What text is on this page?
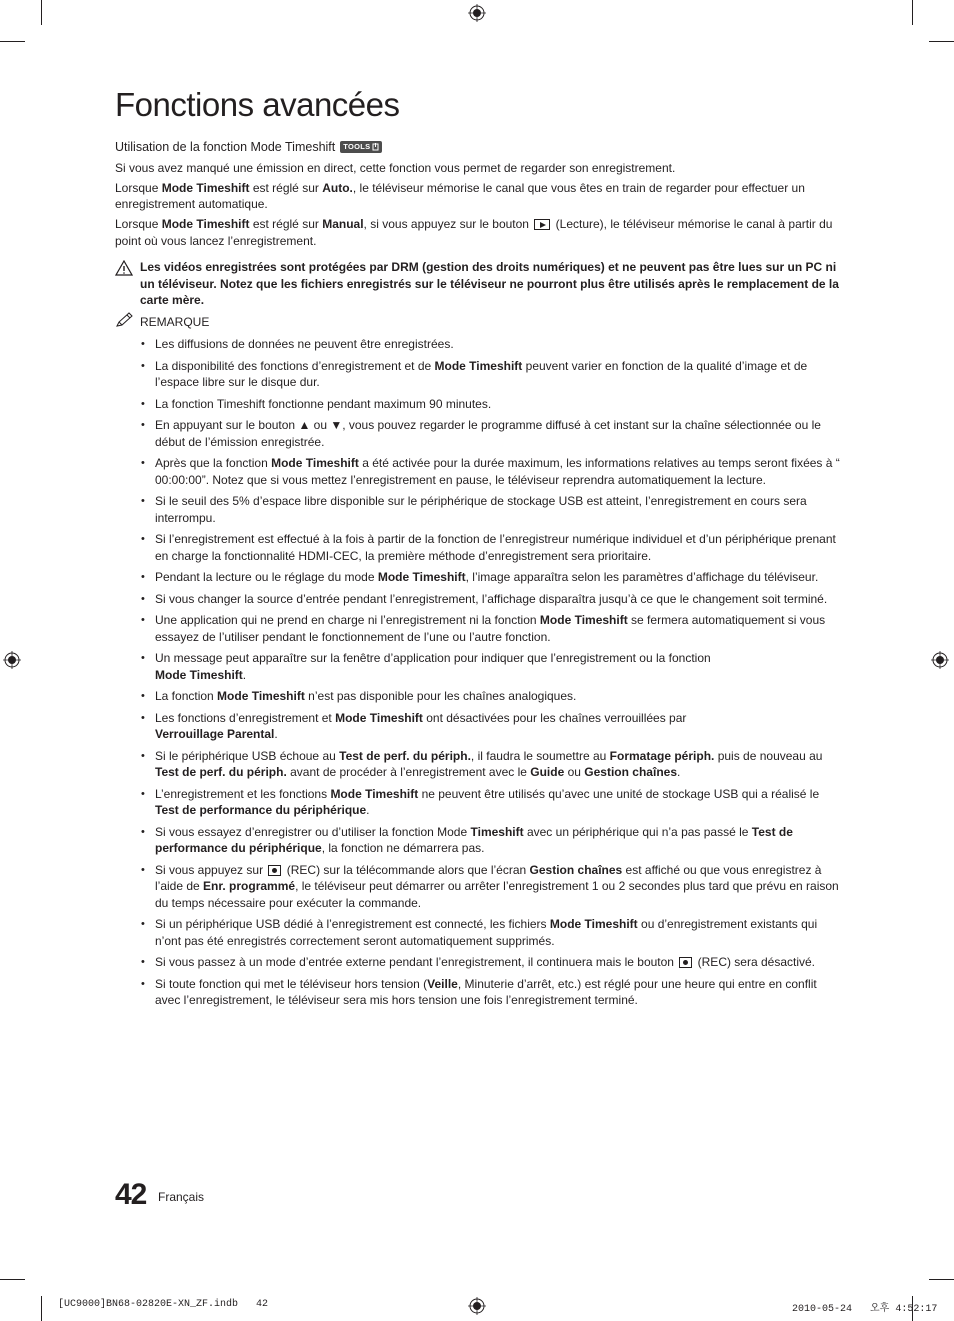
Fonctions avancées
Utilisation de la fonction Mode Timeshift TOOLS

Si vous avez manqué une émission en direct, cette fonction vous permet de regarder son enregistrement.

Lorsque Mode Timeshift est réglé sur Auto., le téléviseur mémorise le canal que vous êtes en train de regarder pour effectuer un enregistrement automatique.

Lorsque Mode Timeshift est réglé sur Manual, si vous appuyez sur le bouton  (Lecture), le téléviseur mémorise le canal à partir du point où vous lancez l’enregistrement.

Les vidéos enregistrées sont protégées par DRM (gestion des droits numériques) et ne peuvent pas être lues sur un PC ni un téléviseur. Notez que les fichiers enregistrés sur le téléviseur ne pourront plus être utilisés après le remplacement de la carte mère.
REMARQUE
• Les diffusions de données ne peuvent être enregistrées.
• La disponibilité des fonctions d’enregistrement et de Mode Timeshift peuvent varier en fonction de la qualité d’image et de l’espace libre sur le disque dur.
• La fonction Timeshift fonctionne pendant maximum 90 minutes.
• En appuyant sur le bouton ▲ ou ▼, vous pouvez regarder le programme diffusé à cet instant sur la chaîne sélectionnée ou le début de l’émission enregistrée.
• Après que la fonction Mode Timeshift a été activée pour la durée maximum, les informations relatives au temps seront fixées à “ 00:00:00”. Notez que si vous mettez l’enregistrement en pause, le téléviseur reprendra automatiquement la lecture.
• Si le seuil des 5% d’espace libre disponible sur le périphérique de stockage USB est atteint, l’enregistrement en cours sera interrompu.
• Si l’enregistrement est effectué à la fois à partir de la fonction de l’enregistreur numérique individuel et d’un périphérique prenant en charge la fonctionnalité HDMI-CEC, la première méthode d’enregistrement sera prioritaire.
• Pendant la lecture ou le réglage du mode Mode Timeshift, l’image apparaîtra selon les paramètres d’affichage du téléviseur.
• Si vous changer la source d’entrée pendant l’enregistrement, l’affichage disparaîtra jusqu’à ce que le changement soit terminé.
• Une application qui ne prend en charge ni l’enregistrement ni la fonction Mode Timeshift se fermera automatiquement si vous essayez de l’utiliser pendant le fonctionnement de l’une ou l’autre fonction.
• Un message peut apparaître sur la fenêtre d’application pour indiquer que l’enregistrement ou la fonction
Mode Timeshift.
• La fonction Mode Timeshift n’est pas disponible pour les chaînes analogiques.
• Les fonctions d’enregistrement et Mode Timeshift ont désactivées pour les chaînes verrouillées par
Verrouillage Parental.
• Si le périphérique USB échoue au Test de perf. du périph., il faudra le soumettre au Formatage périph. puis de nouveau au Test de perf. du périph. avant de procéder à l’enregistrement avec le Guide ou Gestion chaînes.
• L’enregistrement et les fonctions Mode Timeshift ne peuvent être utilisés qu’avec une unité de stockage USB qui a réalisé le Test de performance du périphérique.
• Si vous essayez d’enregistrer ou d’utiliser la fonction Mode Timeshift avec un périphérique qui n’a pas passé le Test de performance du périphérique, la fonction ne démarrera pas.
• Si vous appuyez sur  (REC) sur la télécommande alors que l’écran Gestion chaînes est affiché ou que vous enregistrez à l’aide de Enr. programmé, le téléviseur peut démarrer ou arrêter l’enregistrement 1 ou 2 secondes plus tard que prévu en raison du temps nécessaire pour exécuter la commande.
• Si un périphérique USB dédié à l’enregistrement est connecté, les fichiers Mode Timeshift ou d’enregistrement existants qui n’ont pas été enregistrés correctement seront automatiquement supprimés.
• Si vous passez à un mode d’entrée externe pendant l’enregistrement, il continuera mais le bouton  (REC) sera désactivé.
• Si toute fonction qui met le téléviseur hors tension (Veille, Minuterie d’arrêt, etc.) est réglé pour une heure qui entre en conflit avec l’enregistrement, le téléviseur sera mis hors tension une fois l’enregistrement terminé.
42 Français
[UC9000]BN68-02820E-XN_ZF.indb   42	2010-05-24   오후 4:52:17
